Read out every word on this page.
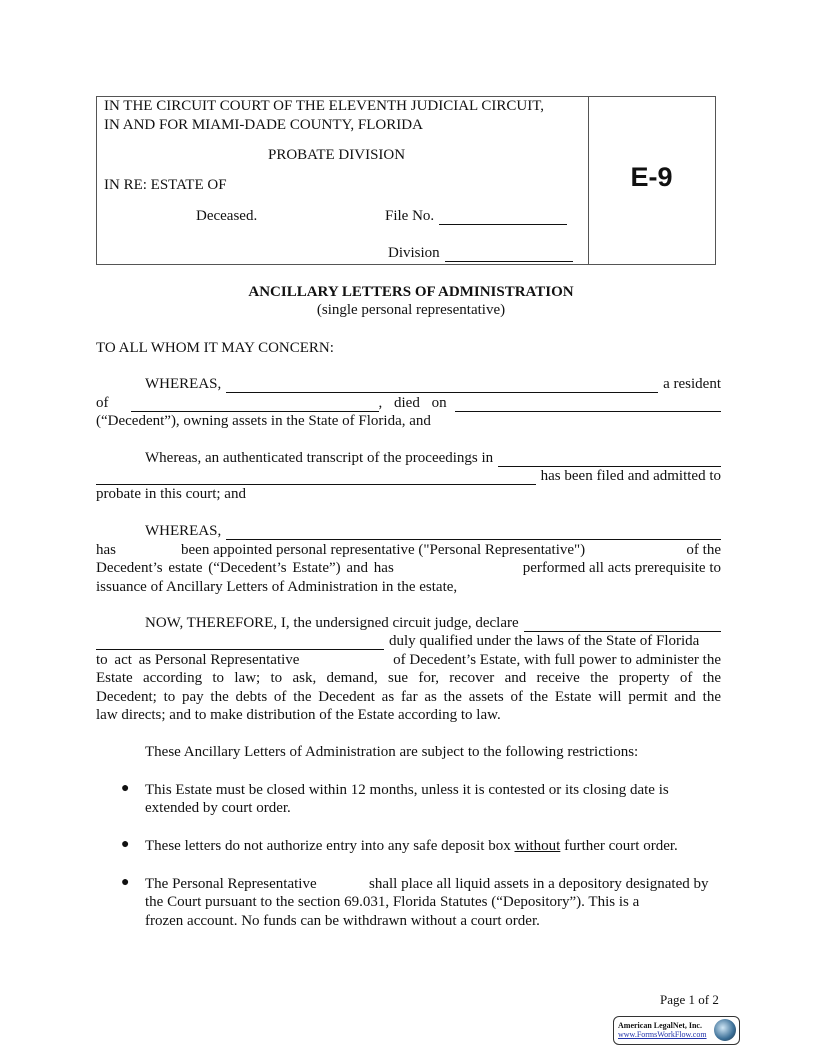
IN THE CIRCUIT COURT OF THE ELEVENTH JUDICIAL CIRCUIT,
IN AND FOR MIAMI-DADE COUNTY, FLORIDA
PROBATE DIVISION
IN RE: ESTATE OF
Deceased.	File No.
Division
E-9
ANCILLARY LETTERS OF ADMINISTRATION
(single personal representative)
TO ALL WHOM IT MAY CONCERN:
WHEREAS,	a resident
of	, died on
(“Decedent”), owning assets in the State of Florida, and
Whereas, an authenticated transcript of the proceedings in
has been filed and admitted to
probate in this court; and
WHEREAS,
has	been appointed personal representative ("Personal Representative")	of the
Decedent’s estate (“Decedent’s Estate”) and has	performed all acts prerequisite to
issuance of Ancillary Letters of Administration in the estate,
NOW, THEREFORE, I, the undersigned circuit judge, declare
duly qualified under the laws of the State of Florida
to act as Personal Representative	of Decedent’s Estate, with full power to administer the
Estate according to law; to ask, demand, sue for, recover and receive the property of the
Decedent; to pay the debts of the Decedent as far as the assets of the Estate will permit and the
law directs; and to make distribution of the Estate according to law.
These Ancillary Letters of Administration are subject to the following restrictions:
● This Estate must be closed within 12 months, unless it is contested or its closing date is
extended by court order.
● These letters do not authorize entry into any safe deposit box without further court order.
● The Personal Representative	shall place all liquid assets in a depository designated by
the Court pursuant to the section 69.031, Florida Statutes (“Depository”). This is a
frozen account. No funds can be withdrawn without a court order.
Page 1 of 2
American LegalNet, Inc.
www.FormsWorkFlow.com
